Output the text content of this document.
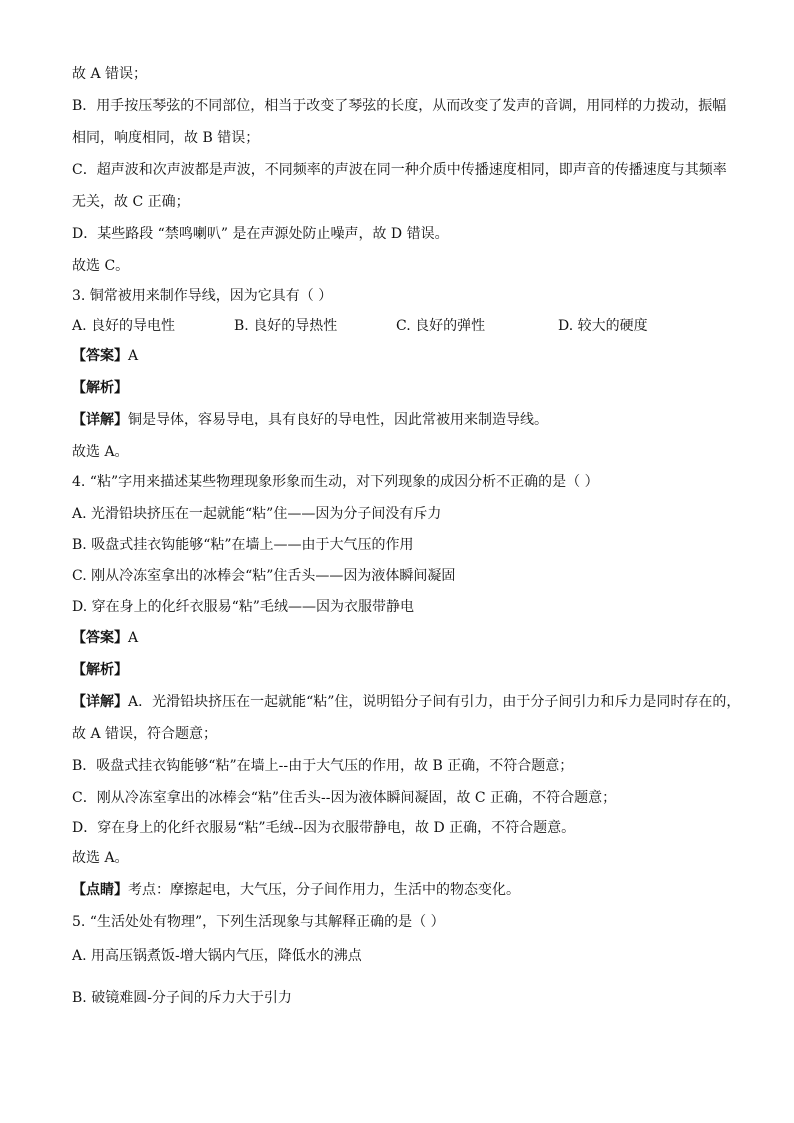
故 A 错误；
B．用手按压琴弦的不同部位，相当于改变了琴弦的长度，从而改变了发声的音调，用同样的力拨动，振幅
相同，响度相同，故 B 错误；
C．超声波和次声波都是声波，不同频率的声波在同一种介质中传播速度相同，即声音的传播速度与其频率
无关，故 C 正确；
D．某些路段 “禁鸣喇叭” 是在声源处防止噪声，故 D 错误。
故选 C。
3. 铜常被用来制作导线，因为它具有（ ）
A. 良好的导电性	B. 良好的导热性	C. 良好的弹性	D. 较大的硬度
【答案】A
【解析】
【详解】铜是导体，容易导电，具有良好的导电性，因此常被用来制造导线。
故选 A。
4. “粘”字用来描述某些物理现象形象而生动，对下列现象的成因分析不正确的是（ ）
A. 光滑铅块挤压在一起就能“粘”住——因为分子间没有斥力
B. 吸盘式挂衣钩能够“粘”在墙上——由于大气压的作用
C. 刚从冷冻室拿出的冰棒会“粘”住舌头——因为液体瞬间凝固
D. 穿在身上的化纤衣服易“粘”毛绒——因为衣服带静电
【答案】A
【解析】
【详解】A．光滑铅块挤压在一起就能“粘”住，说明铅分子间有引力，由于分子间引力和斥力是同时存在的，
故 A 错误，符合题意；
B．吸盘式挂衣钩能够“粘”在墙上--由于大气压的作用，故 B 正确，不符合题意；
C．刚从冷冻室拿出的冰棒会“粘”住舌头--因为液体瞬间凝固，故 C 正确，不符合题意；
D．穿在身上的化纤衣服易“粘”毛绒--因为衣服带静电，故 D 正确，不符合题意。
故选 A。
【点睛】考点：摩擦起电，大气压，分子间作用力，生活中的物态变化。
5. “生活处处有物理”，下列生活现象与其解释正确的是（ ）
A. 用高压锅煮饭-增大锅内气压，降低水的沸点
B. 破镜难圆-分子间的斥力大于引力
